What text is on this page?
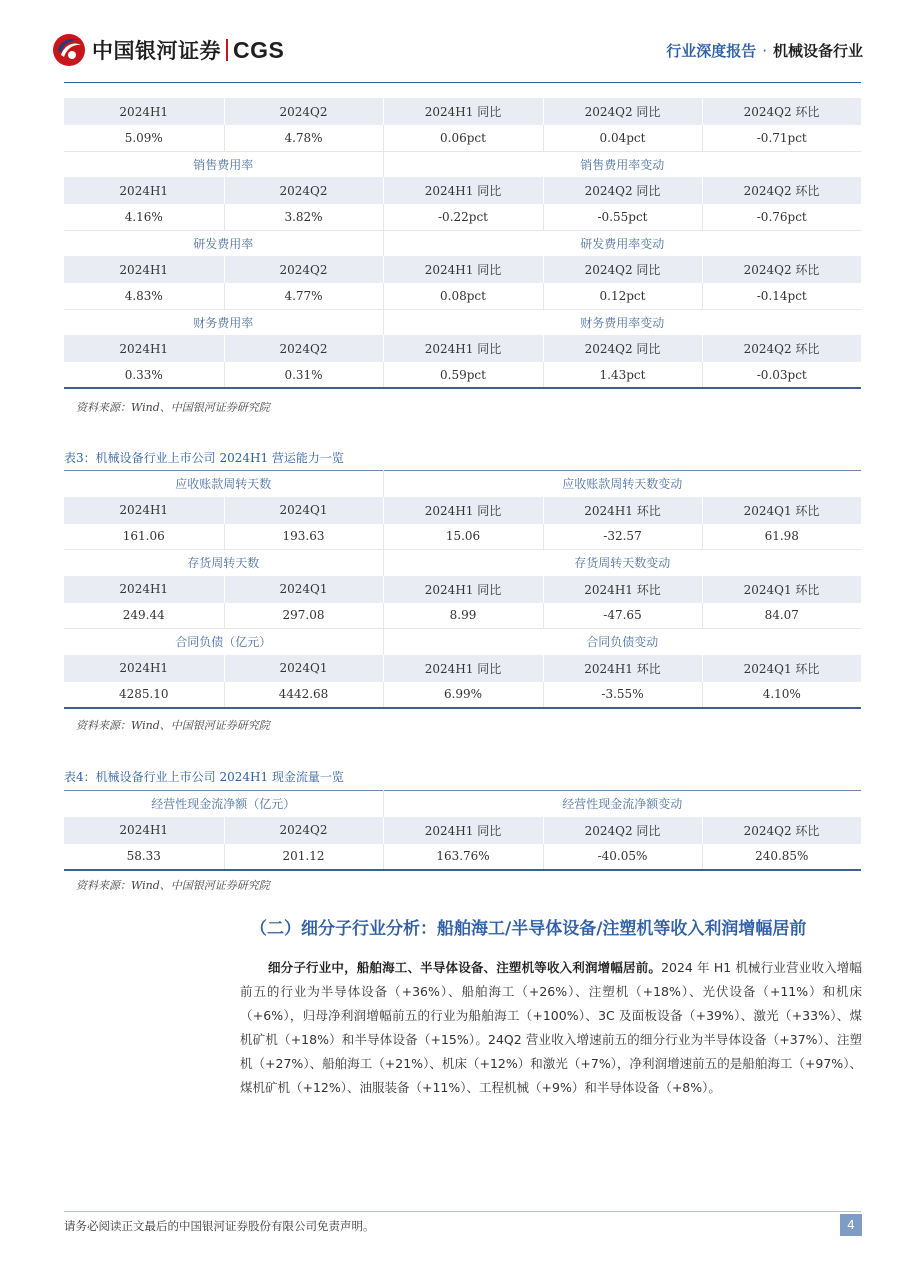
中国银河证券 CGS	行业深度报告 · 机械设备行业
2024H1	2024Q2	2024H1 同比	2024Q2 同比	2024Q2 环比
5.09%	4.78%	0.06pct	0.04pct	-0.71pct
销售费用率		销售费用率变动		
2024H1	2024Q2	2024H1 同比	2024Q2 同比	2024Q2 环比
4.16%	3.82%	-0.22pct	-0.55pct	-0.76pct
研发费用率		研发费用率变动		
2024H1	2024Q2	2024H1 同比	2024Q2 同比	2024Q2 环比
4.83%	4.77%	0.08pct	0.12pct	-0.14pct
财务费用率		财务费用率变动		
2024H1	2024Q2	2024H1 同比	2024Q2 同比	2024Q2 环比
0.33%	0.31%	0.59pct	1.43pct	-0.03pct
资料来源：Wind、中国银河证券研究院
表3：机械设备行业上市公司 2024H1 营运能力一览
应收账款周转天数		应收账款周转天数变动		
2024H1	2024Q1	2024H1 同比	2024H1 环比	2024Q1 环比
161.06	193.63	15.06	-32.57	61.98
存货周转天数		存货周转天数变动		
2024H1	2024Q1	2024H1 同比	2024H1 环比	2024Q1 环比
249.44	297.08	8.99	-47.65	84.07
合同负债（亿元）		合同负债变动		
2024H1	2024Q1	2024H1 同比	2024H1 环比	2024Q1 环比
4285.10	4442.68	6.99%	-3.55%	4.10%
资料来源：Wind、中国银河证券研究院
表4：机械设备行业上市公司 2024H1 现金流量一览
经营性现金流净额（亿元）		经营性现金流净额变动		
2024H1	2024Q2	2024H1 同比	2024Q2 同比	2024Q2 环比
58.33	201.12	163.76%	-40.05%	240.85%
资料来源：Wind、中国银河证券研究院
（二）细分子行业分析：船舶海工/半导体设备/注塑机等收入利润增幅居前

细分子行业中，船舶海工、半导体设备、注塑机等收入利润增幅居前。2024 年 H1 机械行业营业收入增幅前五的行业为半导体设备（+36%）、船舶海工（+26%）、注塑机（+18%）、光伏设备（+11%）和机床（+6%），归母净利润增幅前五的行业为船舶海工（+100%）、3C 及面板设备（+39%）、激光（+33%）、煤机矿机（+18%）和半导体设备（+15%）。24Q2 营业收入增速前五的细分行业为半导体设备（+37%）、注塑机（+27%）、船舶海工（+21%）、机床（+12%）和激光（+7%），净利润增速前五的是船舶海工（+97%）、煤机矿机（+12%）、油服装备（+11%）、工程机械（+9%）和半导体设备（+8%）。

请务必阅读正文最后的中国银河证券股份有限公司免责声明。	4
